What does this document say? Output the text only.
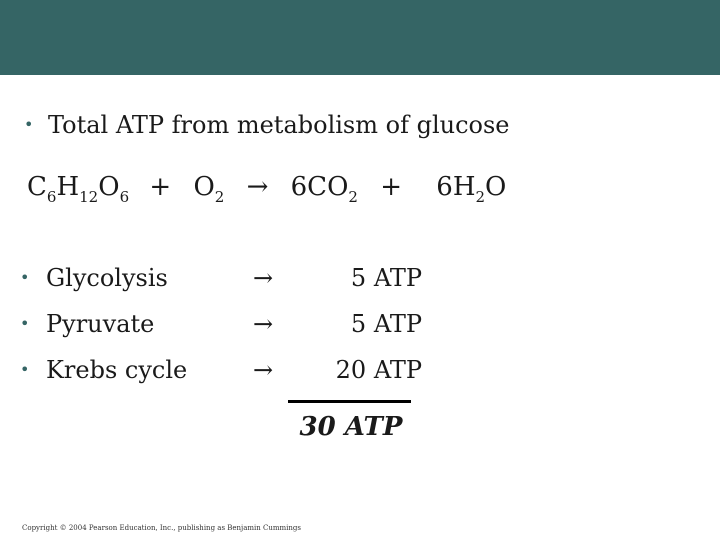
• Total ATP from metabolism of glucose
$C_6H_{12}O_6 + O_2 \to 6CO_2 + 6H_2O$
• Glycolysis	→	5 ATP
• Pyruvate	→	5 ATP
• Krebs cycle	→	20 ATP
30 ATP
Copyright © 2004 Pearson Education, Inc., publishing as Benjamin Cummings
